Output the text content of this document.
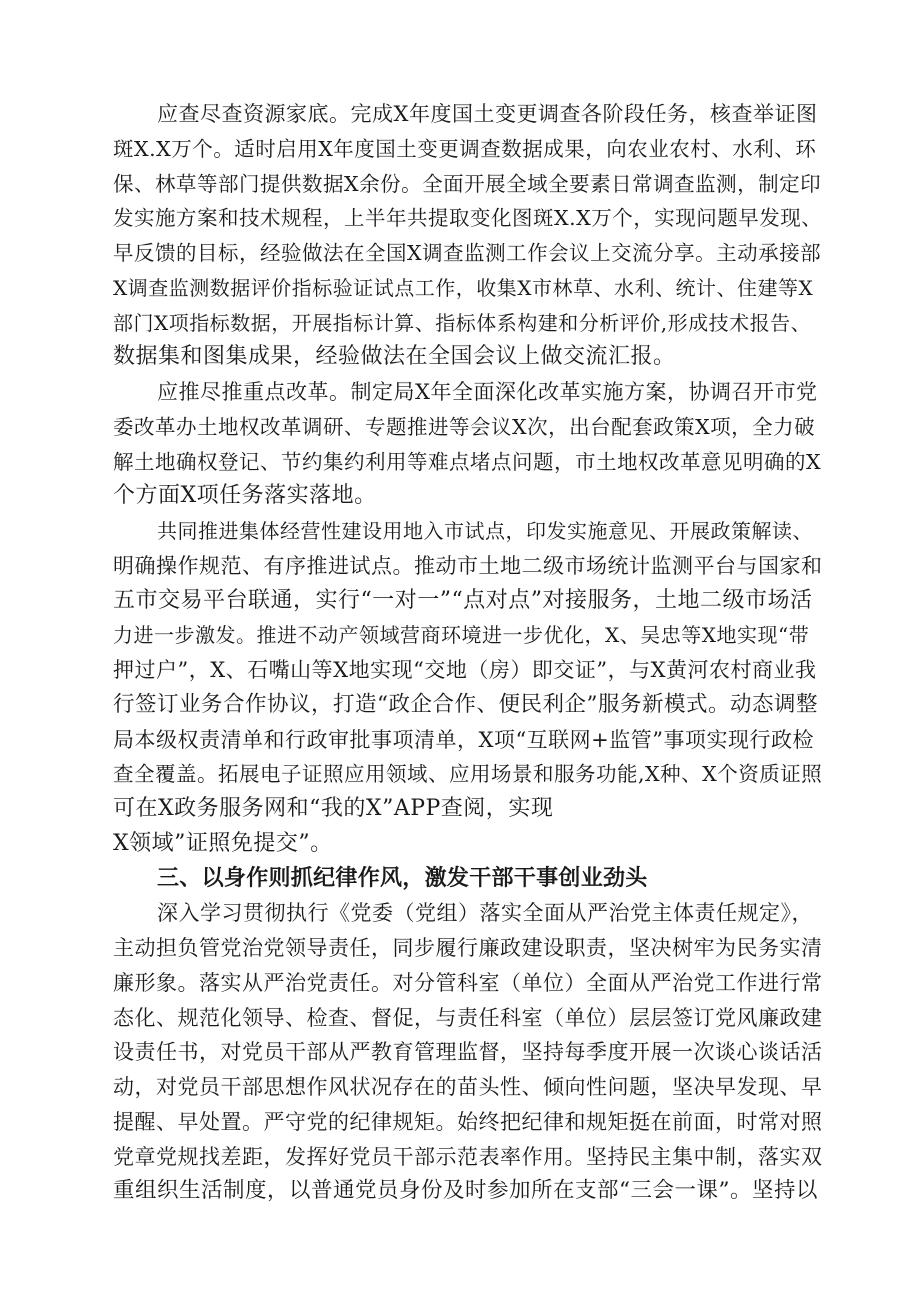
应查尽查资源家底。完成X年度国土变更调查各阶段任务，核查举证图
斑X.X万个。适时启用X年度国土变更调查数据成果，向农业农村、水利、环
保、林草等部门提供数据X余份。全面开展全域全要素日常调查监测，制定印
发实施方案和技术规程，上半年共提取变化图斑X.X万个，实现问题早发现、
早反馈的目标，经验做法在全国X调查监测工作会议上交流分享。主动承接部
X调查监测数据评价指标验证试点工作，收集X市林草、水利、统计、住建等X
部门X项指标数据，开展指标计算、指标体系构建和分析评价,形成技术报告、
数据集和图集成果，经验做法在全国会议上做交流汇报。
应推尽推重点改革。制定局X年全面深化改革实施方案，协调召开市党
委改革办土地权改革调研、专题推进等会议X次，出台配套政策X项，全力破
解土地确权登记、节约集约利用等难点堵点问题，市土地权改革意见明确的X
个方面X项任务落实落地。
共同推进集体经营性建设用地入市试点，印发实施意见、开展政策解读、
明确操作规范、有序推进试点。推动市土地二级市场统计监测平台与国家和
五市交易平台联通，实行“一对一”“点对点”对接服务，土地二级市场活
力进一步激发。推进不动产领域营商环境进一步优化，X、吴忠等X地实现“带
押过户”，X、石嘴山等X地实现“交地（房）即交证”，与X黄河农村商业我
行签订业务合作协议，打造“政企合作、便民利企”服务新模式。动态调整
局本级权责清单和行政审批事项清单，X项“互联网+监管”事项实现行政检
查全覆盖。拓展电子证照应用领域、应用场景和服务功能,X种、X个资质证照
可在X政务服务网和“我的X”APP查阅，实现
X领域”证照免提交”。
三、以身作则抓纪律作风，激发干部干事创业劲头
深入学习贯彻执行《党委（党组）落实全面从严治党主体责任规定》，
主动担负管党治党领导责任，同步履行廉政建设职责，坚决树牢为民务实清
廉形象。落实从严治党责任。对分管科室（单位）全面从严治党工作进行常
态化、规范化领导、检查、督促，与责任科室（单位）层层签订党风廉政建
设责任书，对党员干部从严教育管理监督，坚持每季度开展一次谈心谈话活
动，对党员干部思想作风状况存在的苗头性、倾向性问题，坚决早发现、早
提醒、早处置。严守党的纪律规矩。始终把纪律和规矩挺在前面，时常对照
党章党规找差距，发挥好党员干部示范表率作用。坚持民主集中制，落实双
重组织生活制度，以普通党员身份及时参加所在支部“三会一课”。坚持以
